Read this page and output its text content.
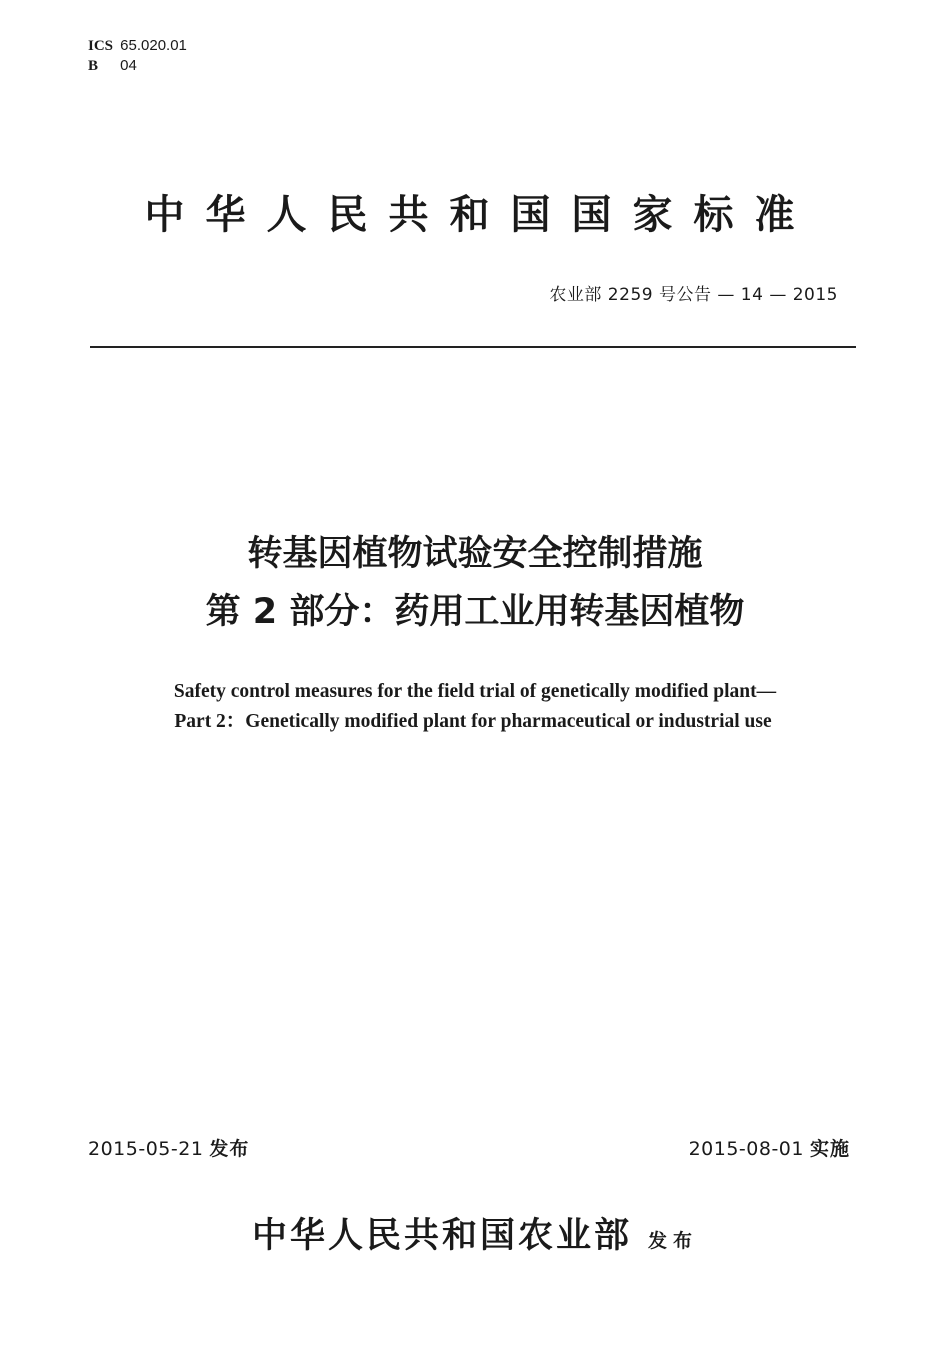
ICS 65.020.01
B 04
中华人民共和国国家标准
农业部 2259 号公告 — 14 — 2015
转基因植物试验安全控制措施
第 2 部分：药用工业用转基因植物
Safety control measures for the field trial of genetically modified plant—
Part 2：Genetically modified plant for pharmaceutical or industrial use
2015-05-21 发布	2015-08-01 实施
中华人民共和国农业部 发布
